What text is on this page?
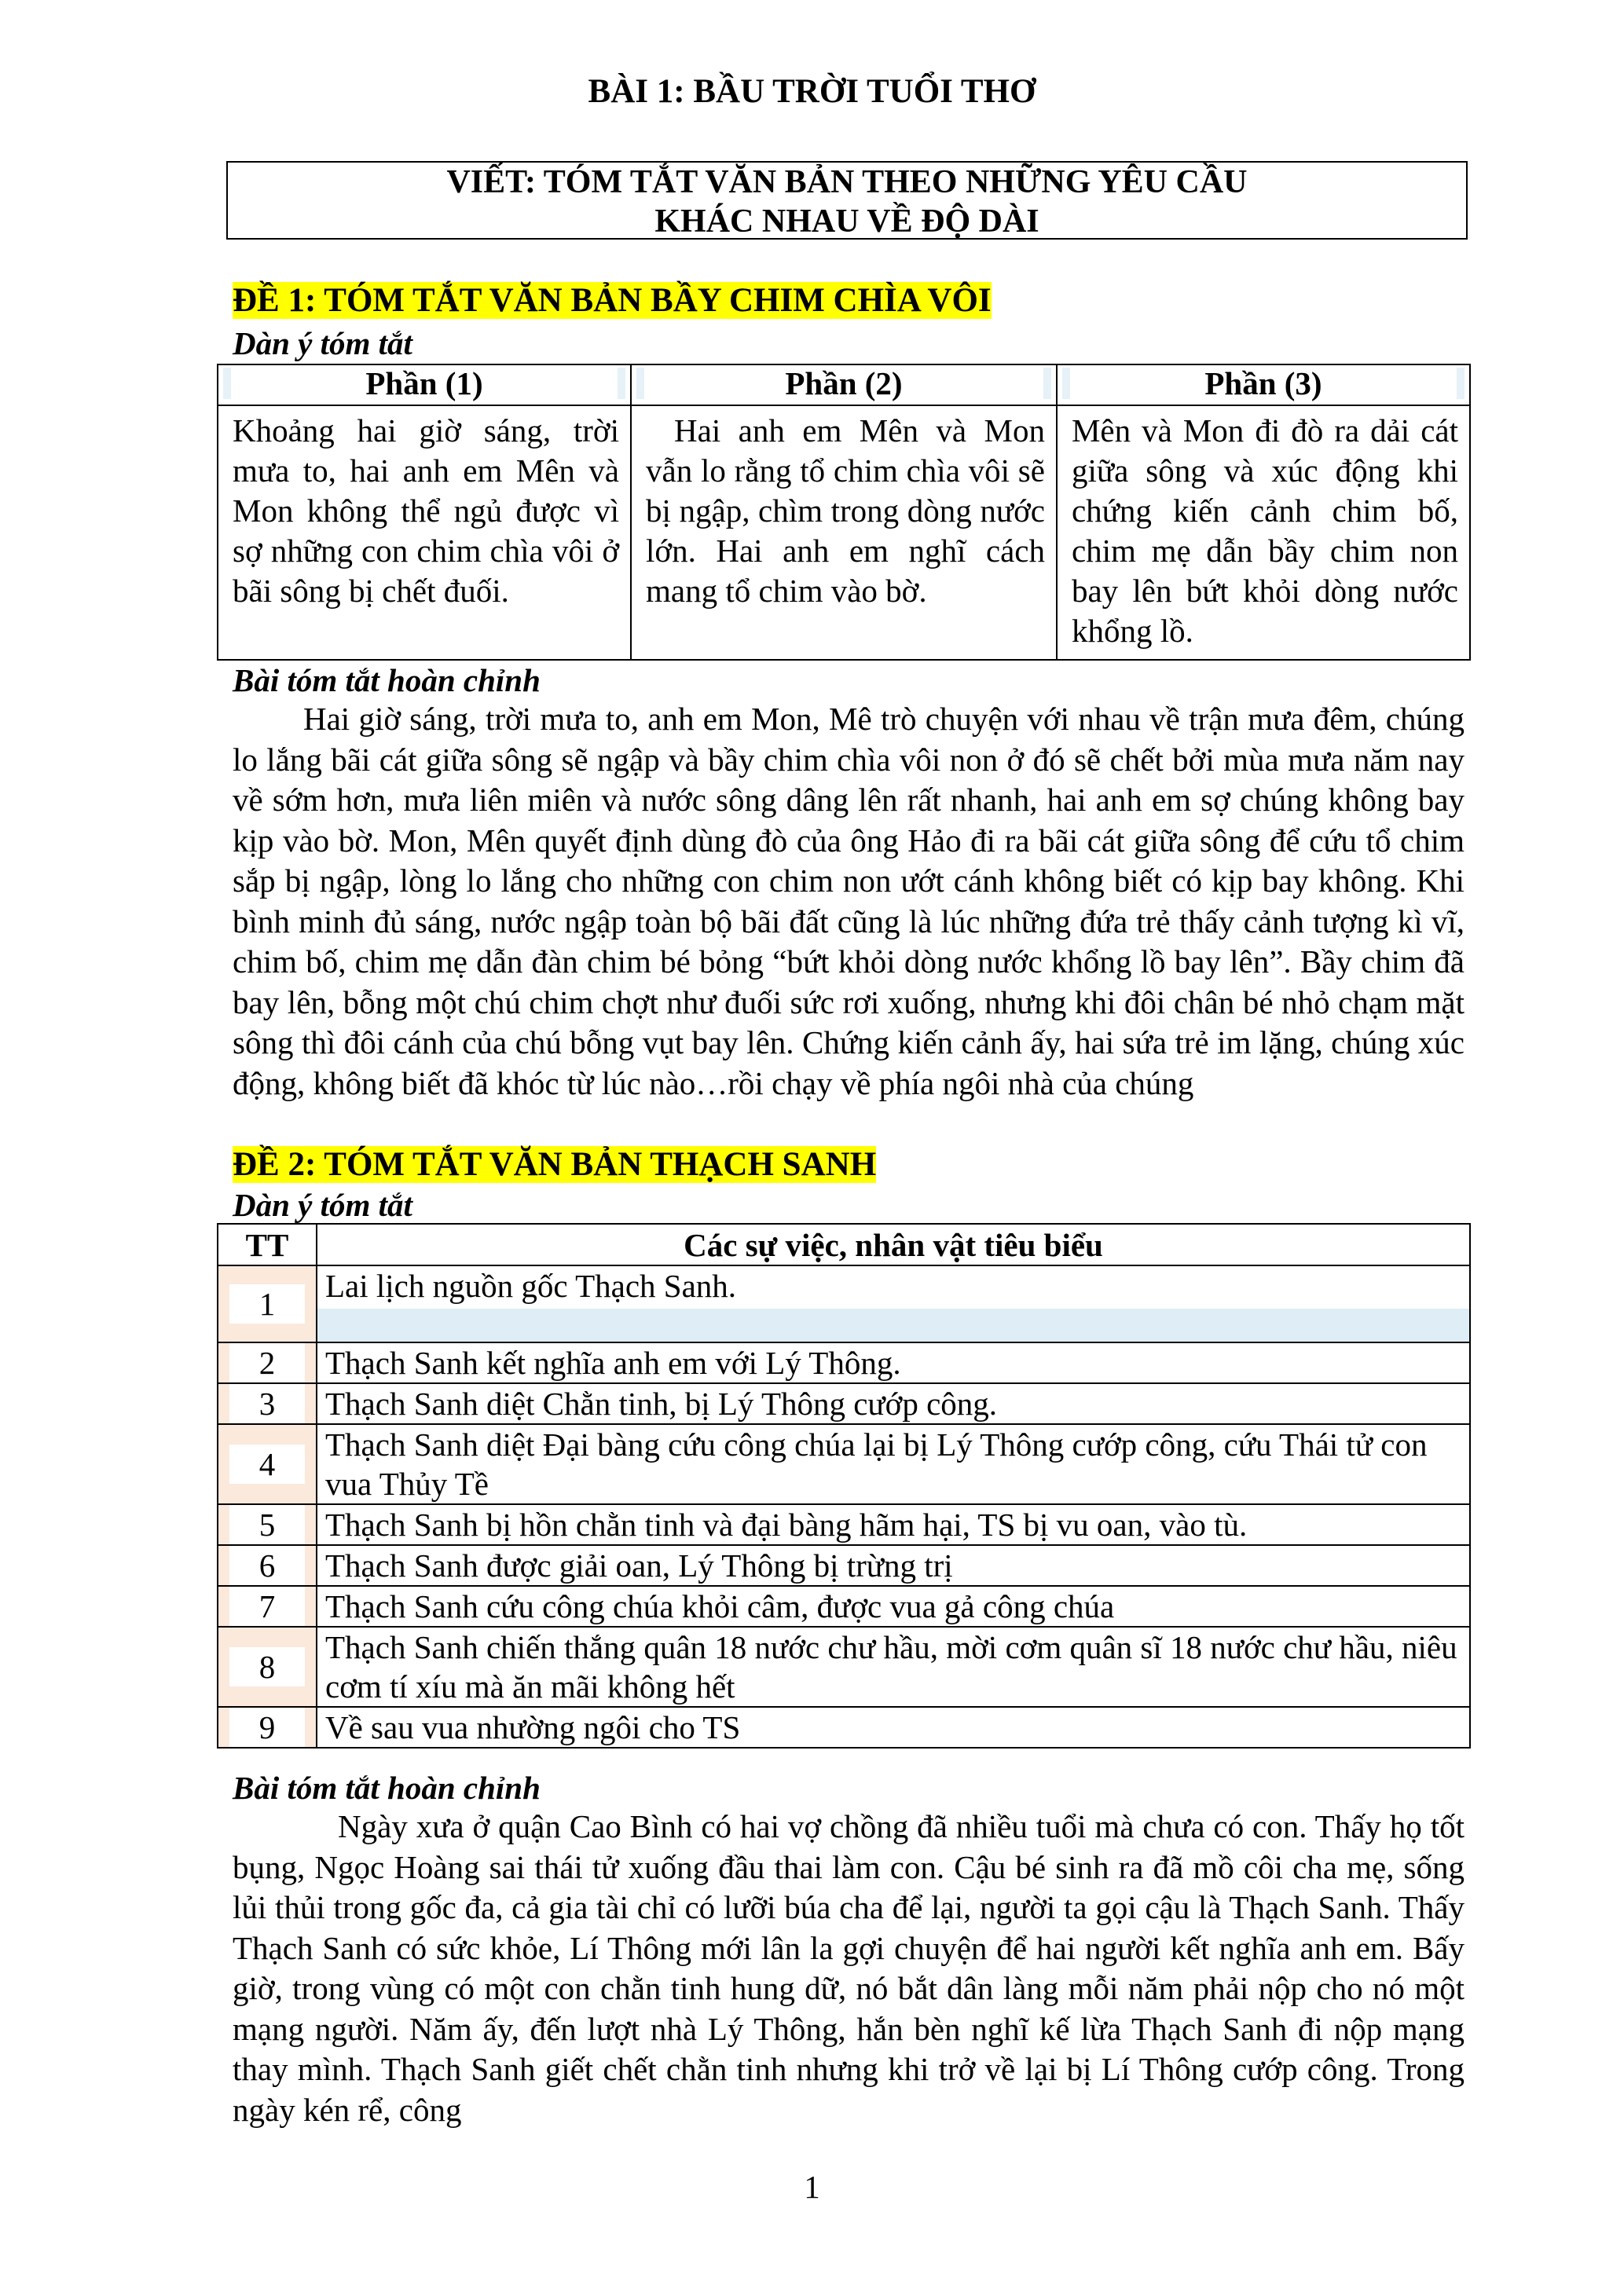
BÀI 1: BẦU TRỜI TUỔI THƠ
VIẾT: TÓM TẮT VĂN BẢN THEO NHỮNG YÊU CẦU
KHÁC NHAU VỀ ĐỘ DÀI
ĐỀ 1: TÓM TẮT VĂN BẢN BẦY CHIM CHÌA VÔI
Dàn ý tóm tắt
Phần (1)	Phần (2)	Phần (3)

Khoảng hai giờ sáng, trời mưa to, hai anh em Mên và Mon không thể ngủ được vì sợ những con chim chìa vôi ở bãi sông bị chết đuối.	Hai anh em Mên và Mon vẫn lo rằng tổ chim chìa vôi sẽ bị ngập, chìm trong dòng nước lớn. Hai anh em nghĩ cách mang tổ chim vào bờ.	Mên và Mon đi đò ra dải cát giữa sông và xúc động khi chứng kiến cảnh chim bố, chim mẹ dẫn bầy chim non bay lên bứt khỏi dòng nước khổng lồ.
Bài tóm tắt hoàn chỉnh
Hai giờ sáng, trời mưa to, anh em Mon, Mê trò chuyện với nhau về trận mưa đêm, chúng lo lắng bãi cát giữa sông sẽ ngập và bầy chim chìa vôi non ở đó sẽ chết bởi mùa mưa năm nay về sớm hơn, mưa liên miên và nước sông dâng lên rất nhanh, hai anh em sợ chúng không bay kịp vào bờ. Mon, Mên quyết định dùng đò của ông Hảo đi ra bãi cát giữa sông để cứu tổ chim sắp bị ngập, lòng lo lắng cho những con chim non ướt cánh không biết có kịp bay không. Khi bình minh đủ sáng, nước ngập toàn bộ bãi đất cũng là lúc những đứa trẻ thấy cảnh tượng kì vĩ, chim bố, chim mẹ dẫn đàn chim bé bỏng “bứt khỏi dòng nước khổng lồ bay lên”. Bầy chim đã bay lên, bỗng một chú chim chợt như đuối sức rơi xuống, nhưng khi đôi chân bé nhỏ chạm mặt sông thì đôi cánh của chú bỗng vụt bay lên. Chứng kiến cảnh ấy, hai sứa trẻ im lặng, chúng xúc động, không biết đã khóc từ lúc nào…rồi chạy về phía ngôi nhà của chúng
ĐỀ 2: TÓM TẮT VĂN BẢN THẠCH SANH
Dàn ý tóm tắt
TT	Các sự việc, nhân vật tiêu biểu

1	Lai lịch nguồn gốc Thạch Sanh.

2	Thạch Sanh kết nghĩa anh em với Lý Thông.

3	Thạch Sanh diệt Chằn tinh, bị Lý Thông cướp công.

4	Thạch Sanh diệt Đại bàng cứu công chúa lại bị Lý Thông cướp công, cứu Thái tử con vua Thủy Tề

5	Thạch Sanh bị hồn chằn tinh và đại bàng hãm hại, TS bị vu oan, vào tù.

6	Thạch Sanh được giải oan, Lý Thông bị trừng trị

7	Thạch Sanh cứu công chúa khỏi câm, được vua gả công chúa

8	Thạch Sanh chiến thắng quân 18 nước chư hầu, mời cơm quân sĩ 18 nước chư hầu, niêu cơm tí xíu mà ăn mãi không hết

9	Về sau vua nhường ngôi cho TS
Bài tóm tắt hoàn chỉnh
Ngày xưa ở quận Cao Bình có hai vợ chồng đã nhiều tuổi mà chưa có con. Thấy họ tốt bụng, Ngọc Hoàng sai thái tử xuống đầu thai làm con. Cậu bé sinh ra đã mồ côi cha mẹ, sống lủi thủi trong gốc đa, cả gia tài chỉ có lưỡi búa cha để lại, người ta gọi cậu là Thạch Sanh. Thấy Thạch Sanh có sức khỏe, Lí Thông mới lân la gợi chuyện để hai người kết nghĩa anh em. Bấy giờ, trong vùng có một con chằn tinh hung dữ, nó bắt dân làng mỗi năm phải nộp cho nó một mạng người. Năm ấy, đến lượt nhà Lý Thông, hắn bèn nghĩ kế lừa Thạch Sanh đi nộp mạng thay mình. Thạch Sanh giết chết chằn tinh nhưng khi trở về lại bị Lí Thông cướp công. Trong ngày kén rể, công
1
